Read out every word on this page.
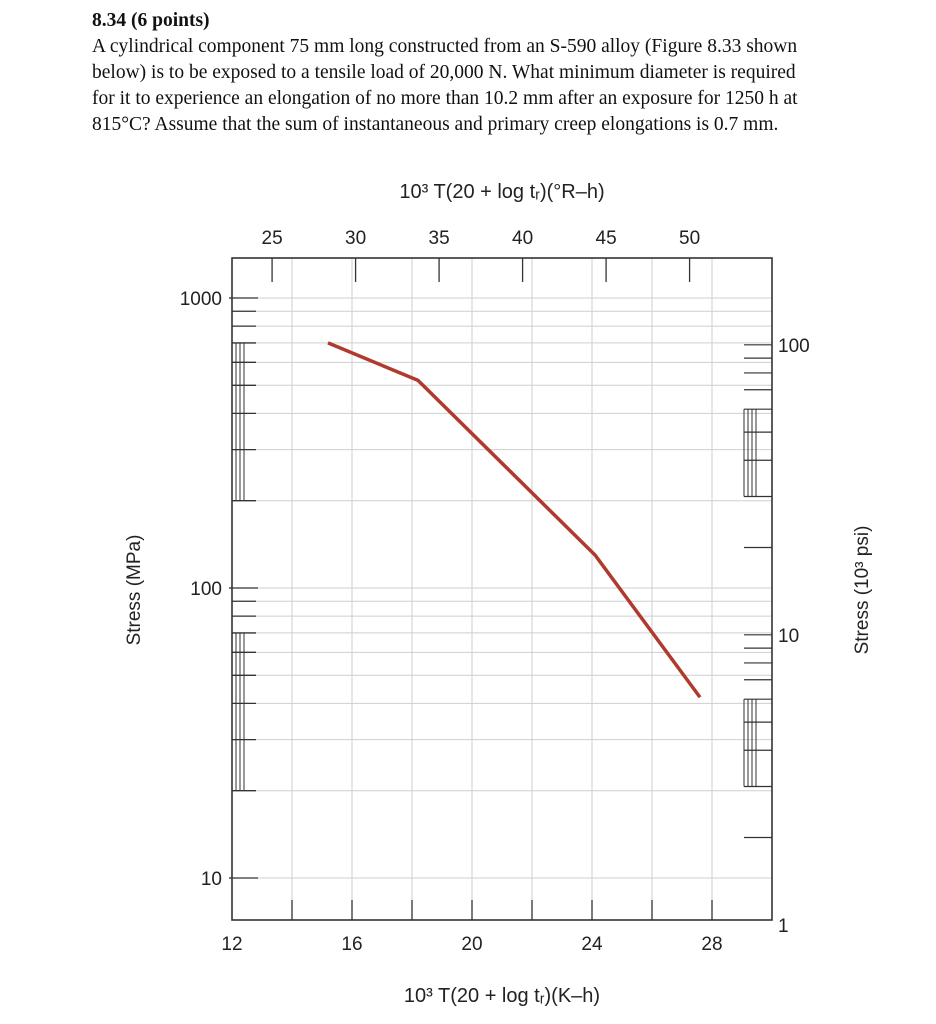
8.34 (6 points)
A cylindrical component 75 mm long constructed from an S-590 alloy (Figure 8.33 shown
below) is to be exposed to a tensile load of 20,000 N. What minimum diameter is required
for it to experience an elongation of no more than 10.2 mm after an exposure for 1250 h at
815°C? Assume that the sum of instantaneous and primary creep elongations is 0.7 mm.
25	30	35	40	45	50
12	16	20	24	28
10
100
1000
1
10
100
10³ T(20 + log tᵣ)(°R–h)
10³ T(20 + log tᵣ)(K–h)
Stress (MPa)	Stress (10³ psi)
